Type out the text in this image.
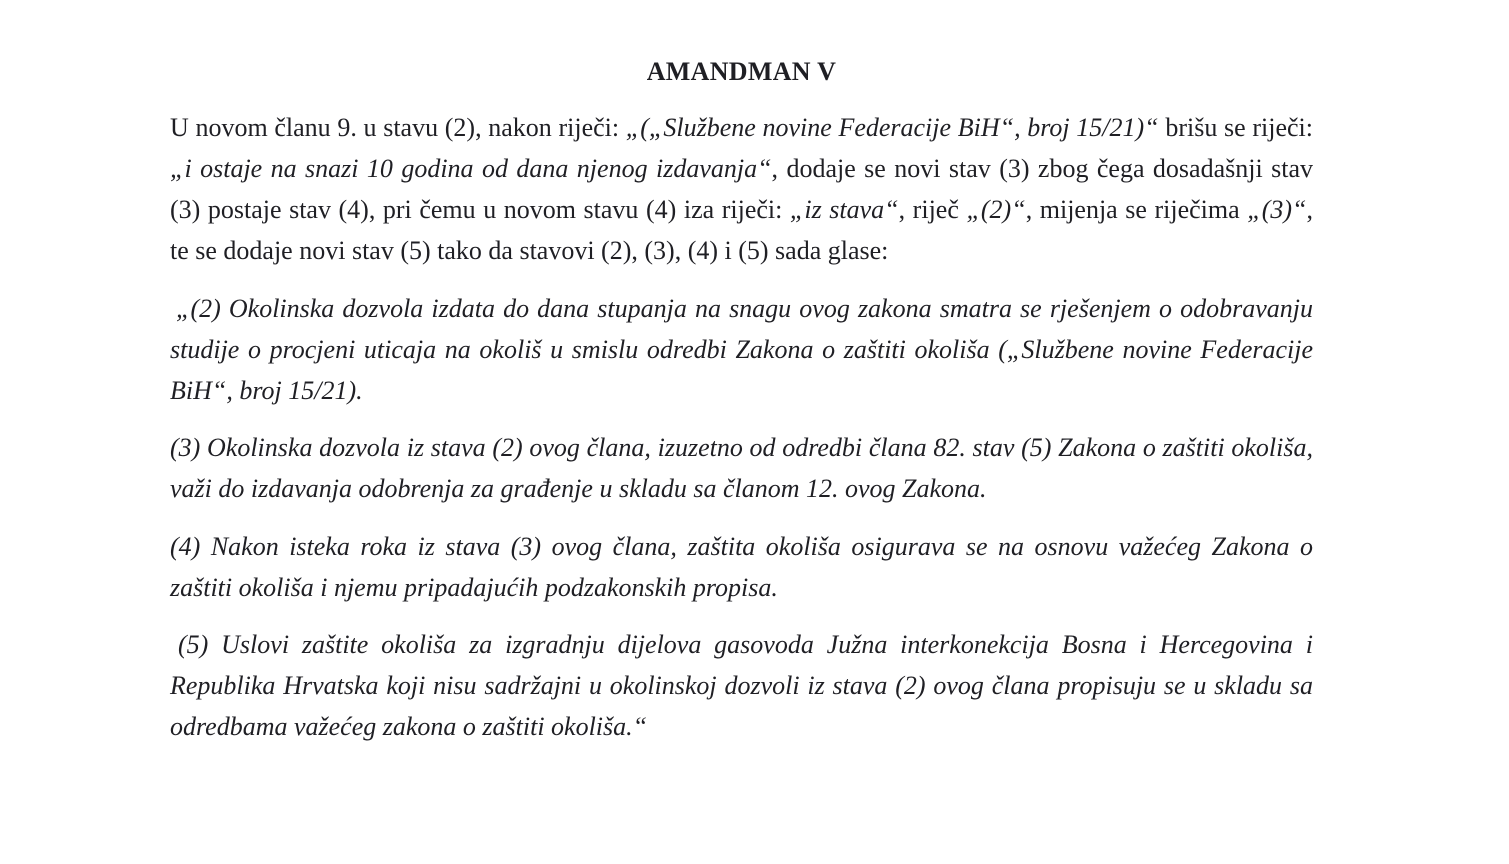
AMANDMAN V

U novom članu 9. u stavu (2), nakon riječi: „(„Službene novine Federacije BiH“, broj 15/21)“ brišu se riječi: „i ostaje na snazi 10 godina od dana njenog izdavanja“, dodaje se novi stav (3) zbog čega dosadašnji stav (3) postaje stav (4), pri čemu u novom stavu (4) iza riječi: „iz stava“, riječ „(2)“, mijenja se riječima „(3)“, te se dodaje novi stav (5) tako da stavovi (2), (3), (4) i (5) sada glase:

„(2) Okolinska dozvola izdata do dana stupanja na snagu ovog zakona smatra se rješenjem o odobravanju studije o procjeni uticaja na okoliš u smislu odredbi Zakona o zaštiti okoliša („Službene novine Federacije BiH“, broj 15/21).

(3) Okolinska dozvola iz stava (2) ovog člana, izuzetno od odredbi člana 82. stav (5) Zakona o zaštiti okoliša, važi do izdavanja odobrenja za građenje u skladu sa članom 12. ovog Zakona.

(4) Nakon isteka roka iz stava (3) ovog člana, zaštita okoliša osigurava se na osnovu važećeg Zakona o zaštiti okoliša i njemu pripadajućih podzakonskih propisa.

(5) Uslovi zaštite okoliša za izgradnju dijelova gasovoda Južna interkonekcija Bosna i Hercegovina i Republika Hrvatska koji nisu sadržajni u okolinskoj dozvoli iz stava (2) ovog člana propisuju se u skladu sa odredbama važećeg zakona o zaštiti okoliša.“
